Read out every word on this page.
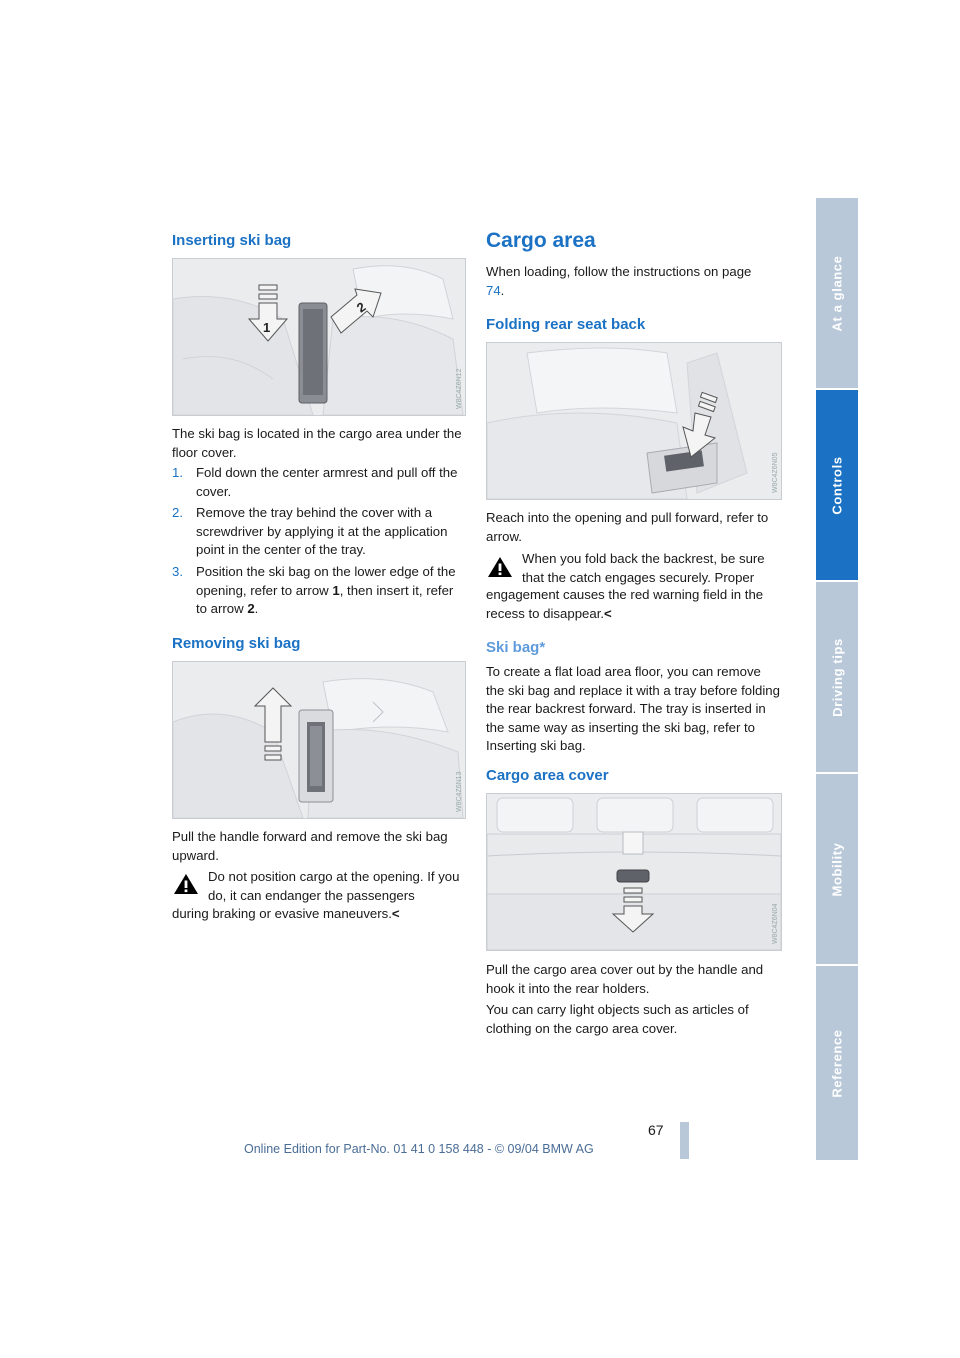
At a glance
Controls
Driving tips
Mobility
Reference
Inserting ski bag
1
2
W8C4Z6N12

The ski bag is located in the cargo area under the floor cover.

1. Fold down the center armrest and pull off the cover.
2. Remove the tray behind the cover with a screwdriver by applying it at the application point in the center of the tray.
3. Position the ski bag on the lower edge of the opening, refer to arrow 1, then insert it, refer to arrow 2.
Removing ski bag
W8C4Z6N13

Pull the handle forward and remove the ski bag upward.

Do not position cargo at the opening. If you do, it can endanger the passengers

during braking or evasive maneuvers.<

Cargo area

When loading, follow the instructions on page
74.

Folding rear seat back
W8C4Z6N05

Reach into the opening and pull forward, refer to arrow.

When you fold back the backrest, be sure that the catch engages securely. Proper

engagement causes the red warning field in the recess to disappear.<

Ski bag*

To create a flat load area floor, you can remove the ski bag and replace it with a tray before folding the rear backrest forward. The tray is inserted in the same way as inserting the ski bag, refer to Inserting ski bag.

Cargo area cover
W8C4Z6N04

Pull the cargo area cover out by the handle and hook it into the rear holders.

You can carry light objects such as articles of clothing on the cargo area cover.

67
Online Edition for Part-No. 01 41 0 158 448 - © 09/04 BMW AG
